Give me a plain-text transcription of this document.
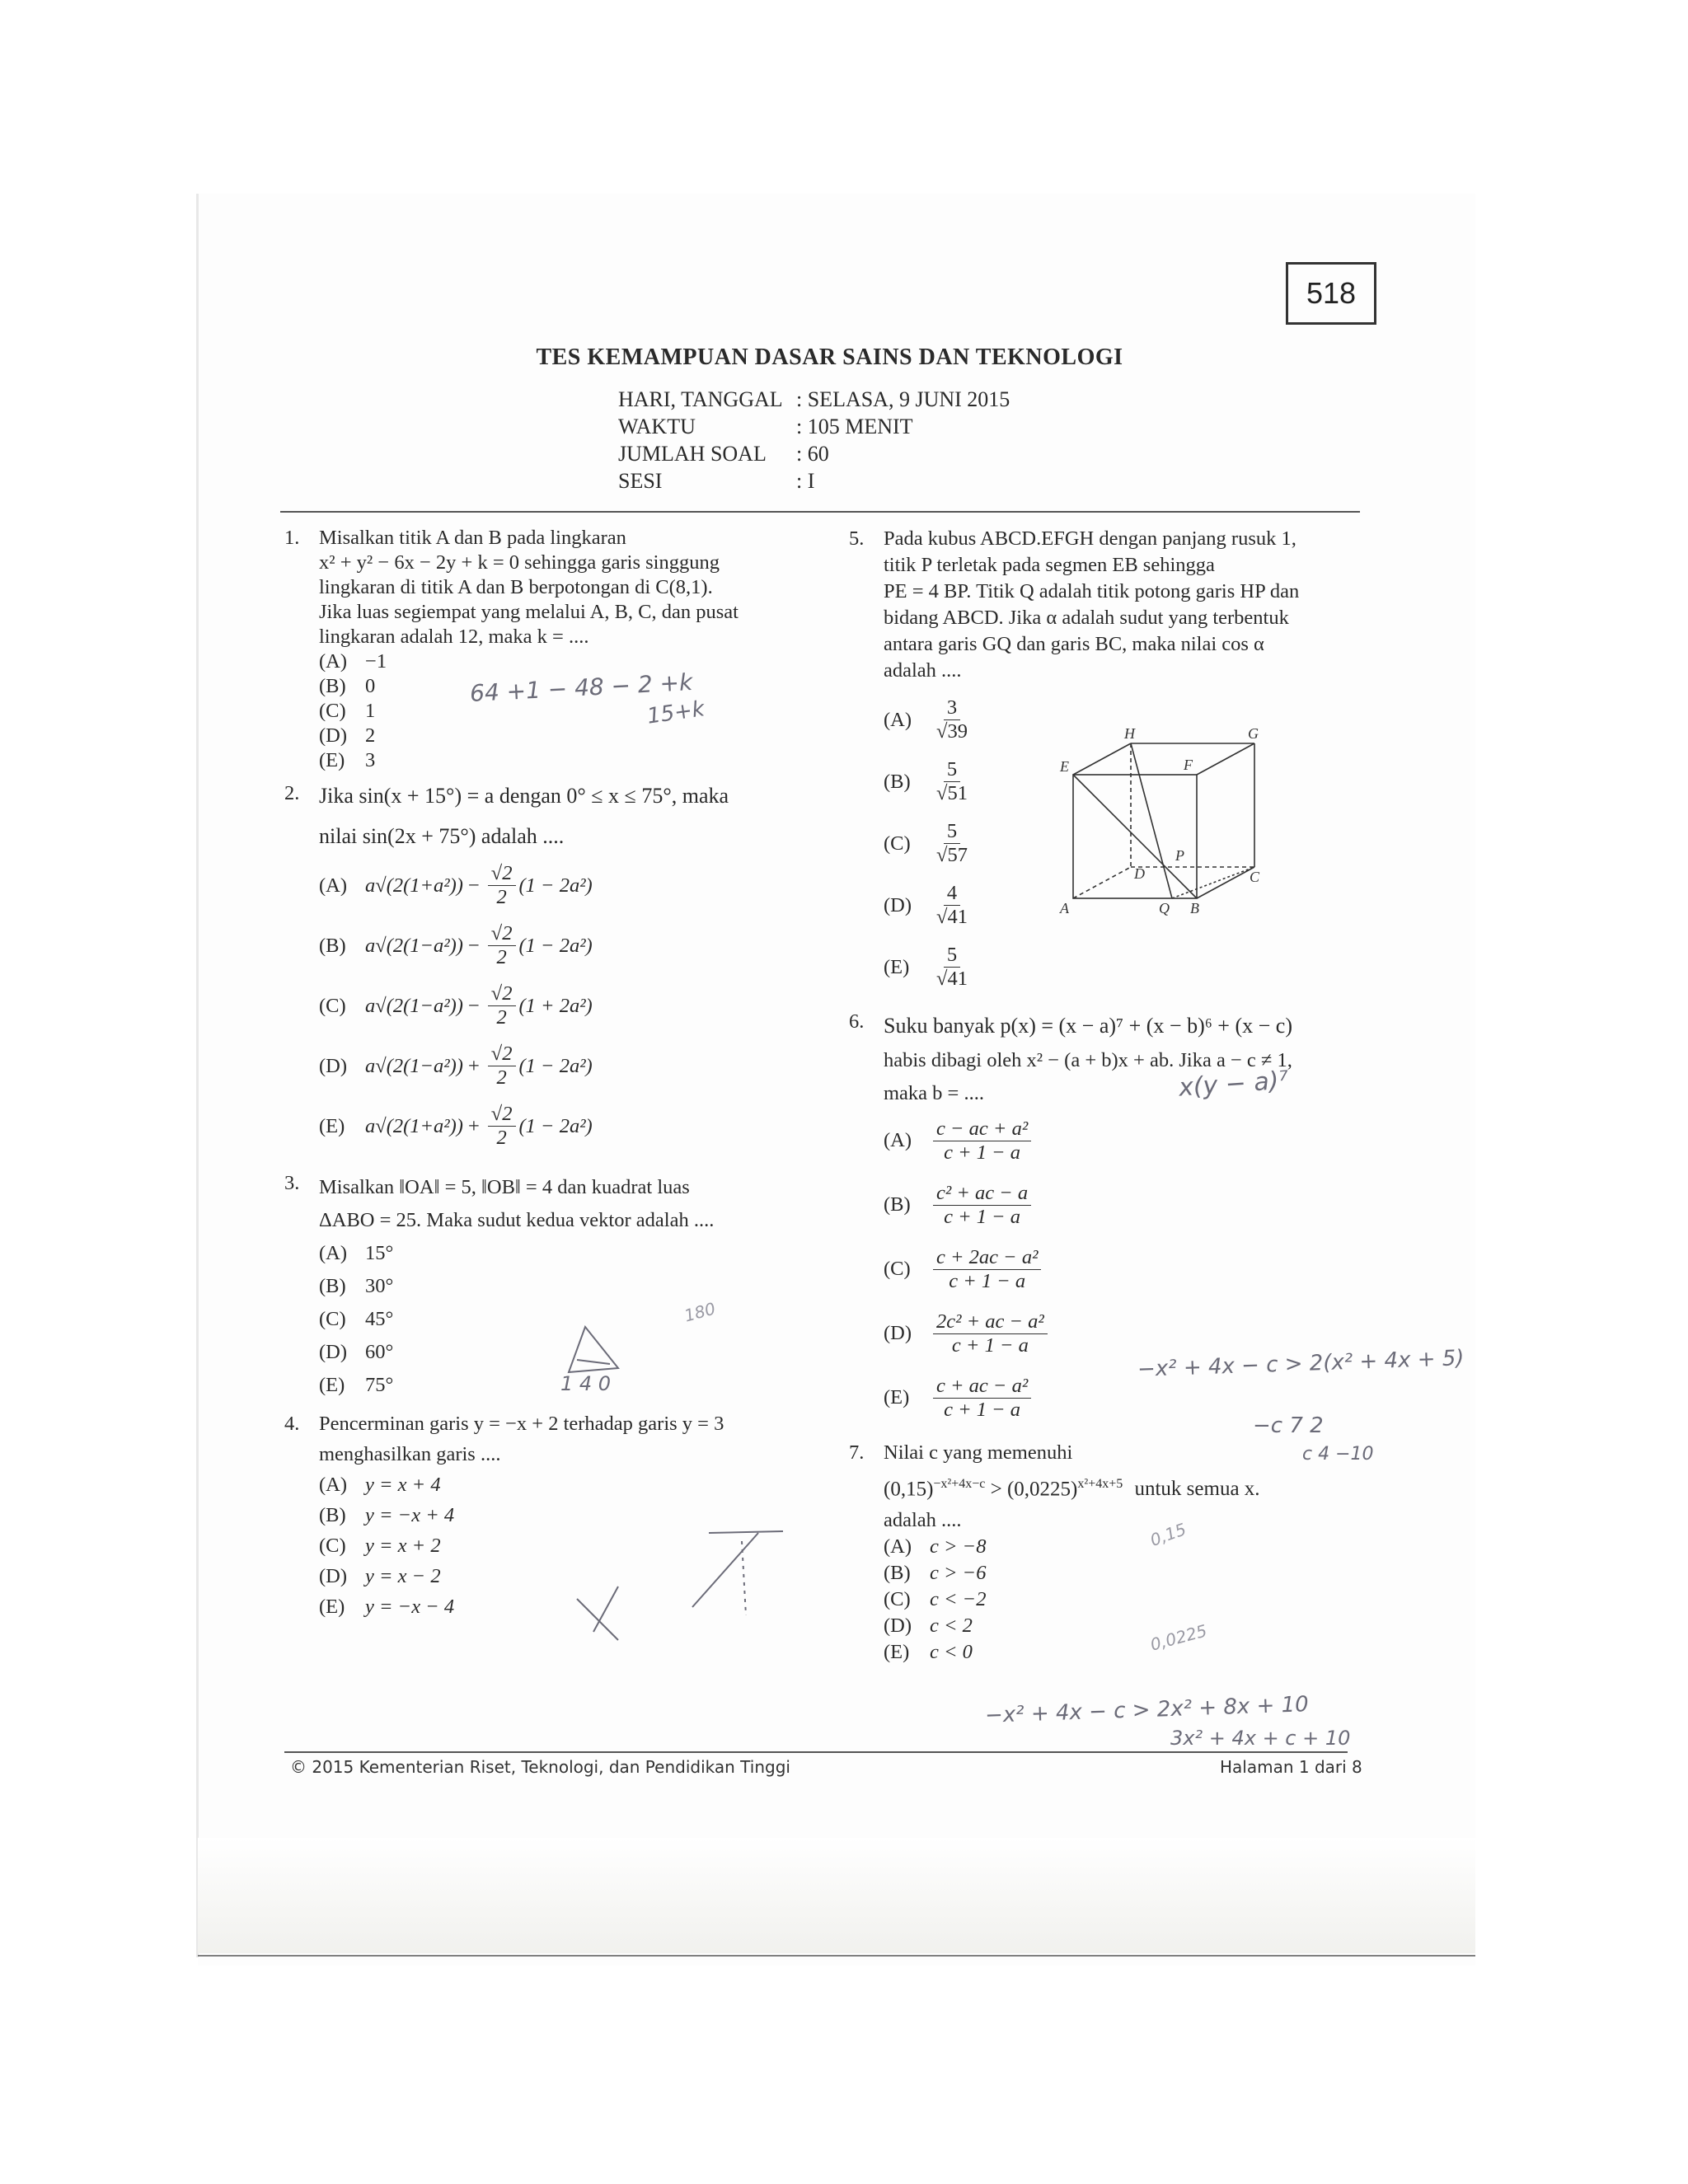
518
TES KEMAMPUAN DASAR SAINS DAN TEKNOLOGI
HARI, TANGGAL : SELASA, 9 JUNI 2015
WAKTU	: 105 MENIT
JUMLAH SOAL	: 60
SESI	: I
1. Misalkan titik A dan B pada lingkaran
x² + y² − 6x − 2y + k = 0 sehingga garis singgung
lingkaran di titik A dan B berpotongan di C(8,1).
Jika luas segiempat yang melalui A, B, C, dan pusat
lingkaran adalah 12, maka k = ....
(A) −1
(B) 0
(C) 1
(D) 2
(E)	3
2. Jika sin(x + 15°) = a dengan 0° ≤ x ≤ 75°, maka
nilai sin(2x + 75°) adalah ....
(A) $a√(2(1+a^2)) - \frac{√2}{2} (1 - 2a^2)$
(B) $a√(2(1-a^2)) - \frac{√2}{2} (1 - 2a^2)$
(C) $a√(2(1-a^2)) - \frac{√2}{2} (1 + 2a^2)$
(D) $a√(2(1-a^2)) + \frac{√2}{2} (1 - 2a^2)$
(E)	$a√(2(1+a^2)) + \frac{√2}{2} (1 - 2a^2)$
3. Misalkan ‖OA‖ = 5, ‖OB‖ = 4 dan kuadrat luas
ΔABO = 25. Maka sudut kedua vektor adalah ....
(A) 15°
(B) 30°
(C) 45°
(D) 60°
(E)	75°
4. Pencerminan garis y = −x + 2 terhadap garis y = 3
menghasilkan garis ....
(A) y = x + 4
(B) y = −x + 4
(C) y = x + 2
(D) y = x − 2
(E)	y = −x − 4
5. Pada kubus ABCD.EFGH dengan panjang rusuk 1,
titik P terletak pada segmen EB sehingga
PE = 4 BP. Titik Q adalah titik potong garis HP dan
bidang ABCD. Jika α adalah sudut yang terbentuk
antara garis GQ dan garis BC, maka nilai cos α
adalah ....
(A)	$\frac{3}{√39}$
(B)	$\frac{5}{√51}$
(C)	$\frac{5}{√57}$
(D)	$\frac{4}{√41}$
(E)	$\frac{5}{√41}$
6. Suku banyak p(x) = (x − a)⁷ + (x − b)⁶ + (x − c)
habis dibagi oleh x² − (a + b)x + ab. Jika a − c ≠ 1,
maka b = ....
(A)	$\frac{\text{c − ac + a²}}{c + 1 - a}$
(B)	$\frac{\text{c² + ac − a}}{c + 1 - a}$
(C)	$\frac{\text{c + 2ac − a²}}{c + 1 - a}$
(D)	$\frac{\text{2c² + ac − a²}}{c + 1 - a}$
(E)	$\frac{\text{c + ac − a²}}{c + 1 - a}$
7. Nilai c yang memenuhi
$(0,15)^{-x^2+4x-c} > (0,0225)^{x^2+4x+5}$ untuk semua x.
adalah ....
(A) c > −8
(B) c > −6
(C) c < −2
(D) c < 2
(E)	c < 0
H	G
E	F
D	C
A	Q B
P
64 +1 − 48 − 2 +k
15+k
x(y − a)⁷
−x² + 4x − c > 2(x² + 4x + 5)
−c 7 2
c 4 −10
−x² + 4x − c > 2x² + 8x + 10
3x² + 4x + c + 10
0,15
0,0225
1 4 0
180
© 2015 Kementerian Riset, Teknologi, dan Pendidikan Tinggi	Halaman 1 dari 8
